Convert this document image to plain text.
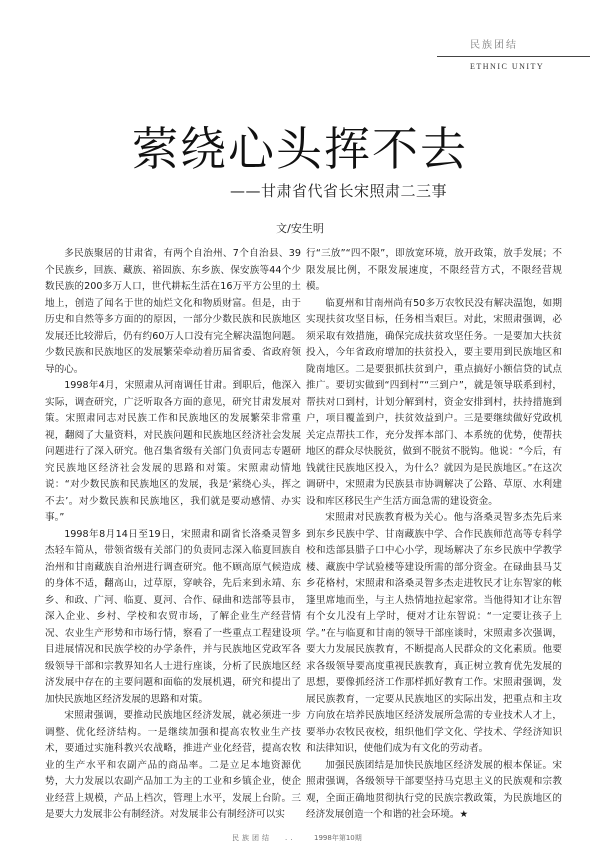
民族团结
ETHNIC UNITY
萦绕心头挥不去
——甘肃省代省长宋照肃二三事
文/安生明

多民族聚居的甘肃省，有两个自治州、7个自治县、39个民族乡，回族、藏族、裕固族、东乡族、保安族等44个少数民族的200多万人口，世代耕耘生活在16万平方公里的土地上，创造了闻名于世的灿烂文化和物质财富。但是，由于历史和自然等多方面的的原因，一部分少数民族和民族地区发展还比较滞后，仍有约60万人口没有完全解决温饱问题。少数民族和民族地区的发展繁荣牵动着历届省委、省政府领导的心。

1998年4月，宋照肃从河南调任甘肃。到职后，他深入实际，调查研究，广泛听取各方面的意见，研究甘肃发展对策。宋照肃同志对民族工作和民族地区的发展繁荣非常重视，翻阅了大量资料，对民族问题和民族地区经济社会发展问题进行了深入研究。他召集省级有关部门负责同志专题研究民族地区经济社会发展的思路和对策。宋照肃动情地说：“对少数民族和民族地区的发展，我是‘萦绕心头，挥之不去’。对少数民族和民族地区，我们就是要动感情、办实事。”

1998年8月14日至19日，宋照肃和副省长洛桑灵智多杰轻车简从，带领省级有关部门的负责同志深入临夏回族自治州和甘南藏族自治州进行调查研究。他不顾高原气候造成的身体不适，翻高山，过草原，穿峡谷，先后来到永靖、东乡、和政、广河、临夏、夏河、合作、碌曲和迭部等县市，深入企业、乡村、学校和农贸市场，了解企业生产经营情况、农业生产形势和市场行情，察看了一些重点工程建设项目进展情况和民族学校的办学条件，并与民族地区党政军各级领导干部和宗教界知名人士进行座谈，分析了民族地区经济发展中存在的主要问题和面临的发展机遇，研究和提出了加快民族地区经济发展的思路和对策。

宋照肃强调，要推动民族地区经济发展，就必须进一步调整、优化经济结构。一是继续加强和提高农牧业生产技术，要通过实施科教兴农战略，推进产业化经营，提高农牧业的生产水平和农副产品的商品率。二是立足本地资源优势，大力发展以农副产品加工为主的工业和乡镇企业，使企业经营上规模，产品上档次，管理上水平，发展上台阶。三是要大力发展非公有制经济。对发展非公有制经济可以实

行“三放”“四不限”，即放宽环境，放开政策，放手发展；不限发展比例，不限发展速度，不限经营方式，不限经营规模。

临夏州和甘南州尚有50多万农牧民没有解决温饱，如期实现扶贫攻坚目标，任务相当艰巨。对此，宋照肃强调，必须采取有效措施，确保完成扶贫攻坚任务。一是要加大扶贫投入，今年省政府增加的扶贫投入，要主要用到民族地区和陇南地区。二是要狠抓扶贫到户，重点搞好小额信贷的试点推广。要切实做到“四到村”“三到户”，就是领导联系到村，帮扶对口到村，计划分解到村，资金安排到村，扶持措施到户，项目覆盖到户，扶贫效益到户。三是要继续做好党政机关定点帮扶工作，充分发挥本部门、本系统的优势，使帮扶地区的群众尽快脱贫，做到不脱贫不脱钩。他说：“今后，有钱就往民族地区投入，为什么？就因为是民族地区。”在这次调研中，宋照肃为民族县市协调解决了公路、草原、水利建设和库区移民生产生活方面急需的建设资金。

宋照肃对民族教育极为关心。他与洛桑灵智多杰先后来到东乡民族中学、甘南藏族中学、合作民族师范高等专科学校和迭部县腊子口中心小学，现场解决了东乡民族中学教学楼、藏族中学试验楼等建设所需的部分资金。在碌曲县马艾乡花格村，宋照肃和洛桑灵智多杰走进牧民才让东智家的帐篷里席地而坐，与主人热情地拉起家常。当他得知才让东智有个女儿没有上学时，便对才让东智说：“一定要让孩子上学。”在与临夏和甘南的领导干部座谈时，宋照肃多次强调，要大力发展民族教育，不断提高人民群众的文化素质。他要求各级领导要高度重视民族教育，真正树立教育优先发展的思想，要像抓经济工作那样抓好教育工作。宋照肃强调，发展民族教育，一定要从民族地区的实际出发，把重点和主攻方向放在培养民族地区经济发展所急需的专业技术人才上，要举办农牧民夜校，组织他们学文化、学技术、学经济知识和法律知识，使他们成为有文化的劳动者。

加强民族团结是加快民族地区经济发展的根本保证。宋照肃强调，各级领导干部要坚持马克思主义的民族观和宗教观，全面正确地贯彻执行党的民族宗教政策，为民族地区的经济发展创造一个和谐的社会环境。★

民族团结 ..	1998年第10期
